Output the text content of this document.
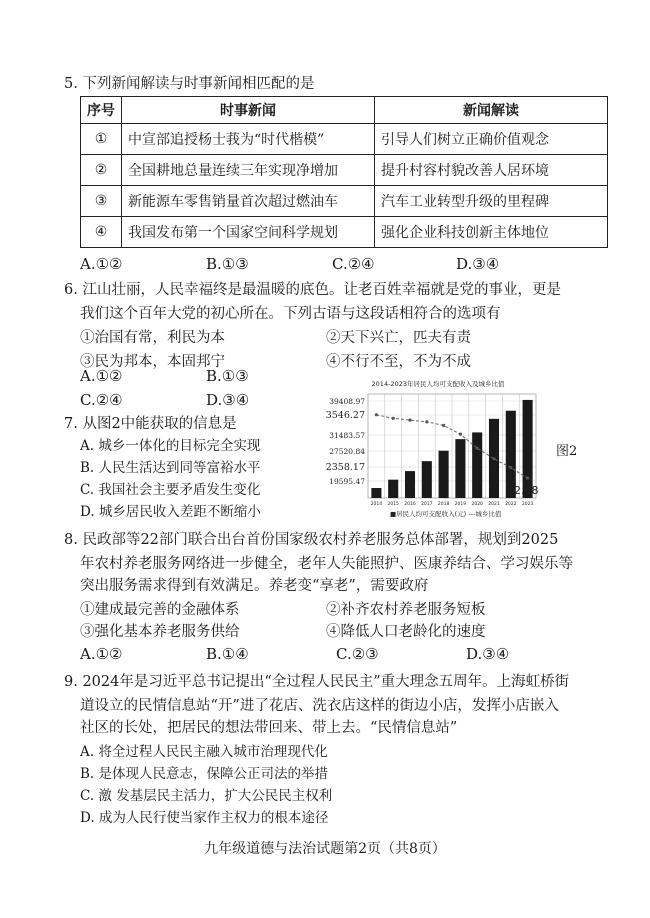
5. 下列新闻解读与时事新闻相匹配的是
序号	时事新闻	新闻解读
①	中宣部追授杨士莪为“时代楷模”	引导人们树立正确价值观念
②	全国耕地总量连续三年实现净增加	提升村容村貌改善人居环境
③	新能源车零售销量首次超过燃油车	汽车工业转型升级的里程碑
④	我国发布第一个国家空间科学规划	强化企业科技创新主体地位
A.①②	B.①③	C.②④	D.③④
6. 江山壮丽，人民幸福终是最温暖的底色。让老百姓幸福就是党的事业，更是
我们这个百年大党的初心所在。下列古语与这段话相符合的选项有
①治国有常，利民为本	②天下兴亡，匹夫有责
③民为邦本，本固邦宁	④不行不至，不为不成
A.①②	B.①③
C.②④	D.③④
7. 从图2中能获取的信息是
A. 城乡一体化的目标完全实现
B. 人民生活达到同等富裕水平
C. 我国社会主要矛盾发生变化
D. 城乡居民收入差距不断缩小
2014-2023年居民人均可支配收入及城乡比值
39408.97
3546.27
31483.57
27520.84
2358.17
19595.47
2014 2015 2016 2017 2018 2019 2020 2021 2022 2023
2.38
■居民人均可支配收入(元) ---城乡比值
图2
8. 民政部等22部门联合出台首份国家级农村养老服务总体部署，规划到2025
年农村养老服务网络进一步健全，老年人失能照护、医康养结合、学习娱乐等
突出服务需求得到有效满足。养老变“享老”，需要政府
①建成最完善的金融体系	②补齐农村养老服务短板
③强化基本养老服务供给	④降低人口老龄化的速度
A.①②	B.①④	C.②③	D.③④
9. 2024年是习近平总书记提出“全过程人民民主”重大理念五周年。上海虹桥街
道设立的民情信息站“开”进了花店、洗衣店这样的街边小店，发挥小店嵌入
社区的长处，把居民的想法带回来、带上去。“民情信息站”
A. 将全过程人民民主融入城市治理现代化
B. 是体现人民意志，保障公正司法的举措
C. 激 发基层民主活力，扩大公民民主权利
D. 成为人民行使当家作主权力的根本途径
九年级道德与法治试题第2页（共8页）
